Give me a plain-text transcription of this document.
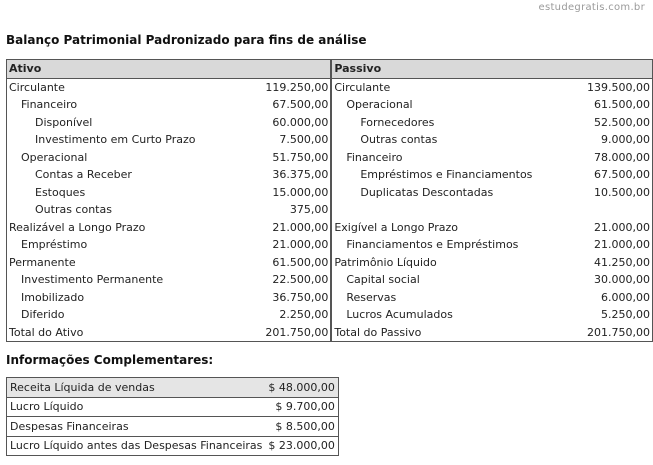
estudegratis.com.br
Balanço Patrimonial Padronizado para fins de análise
Ativo	
Circulante	119.250,00
Financeiro	67.500,00
Disponível	60.000,00
Investimento em Curto Prazo	7.500,00
Operacional	51.750,00
Contas a Receber	36.375,00
Estoques	15.000,00
Outras contas	375,00
Realizável a Longo Prazo	21.000,00
Empréstimo	21.000,00
Permanente	61.500,00
Investimento Permanente	22.500,00
Imobilizado	36.750,00
Diferido	2.250,00
Total do Ativo	201.750,00
Passivo	
Circulante	139.500,00
Operacional	61.500,00
Fornecedores	52.500,00
Outras contas	9.000,00
Financeiro	78.000,00
Empréstimos e Financiamentos	67.500,00
Duplicatas Descontadas	10.500,00

Exigível a Longo Prazo	21.000,00
Financiamentos e Empréstimos	21.000,00
Patrimônio Líquido	41.250,00
Capital social	30.000,00
Reservas	6.000,00
Lucros Acumulados	5.250,00
Total do Passivo	201.750,00
Informações Complementares:
Receita Líquida de vendas	$ 48.000,00
Lucro Líquido	$ 9.700,00
Despesas Financeiras	$ 8.500,00
Lucro Líquido antes das Despesas Financeiras	$ 23.000,00
